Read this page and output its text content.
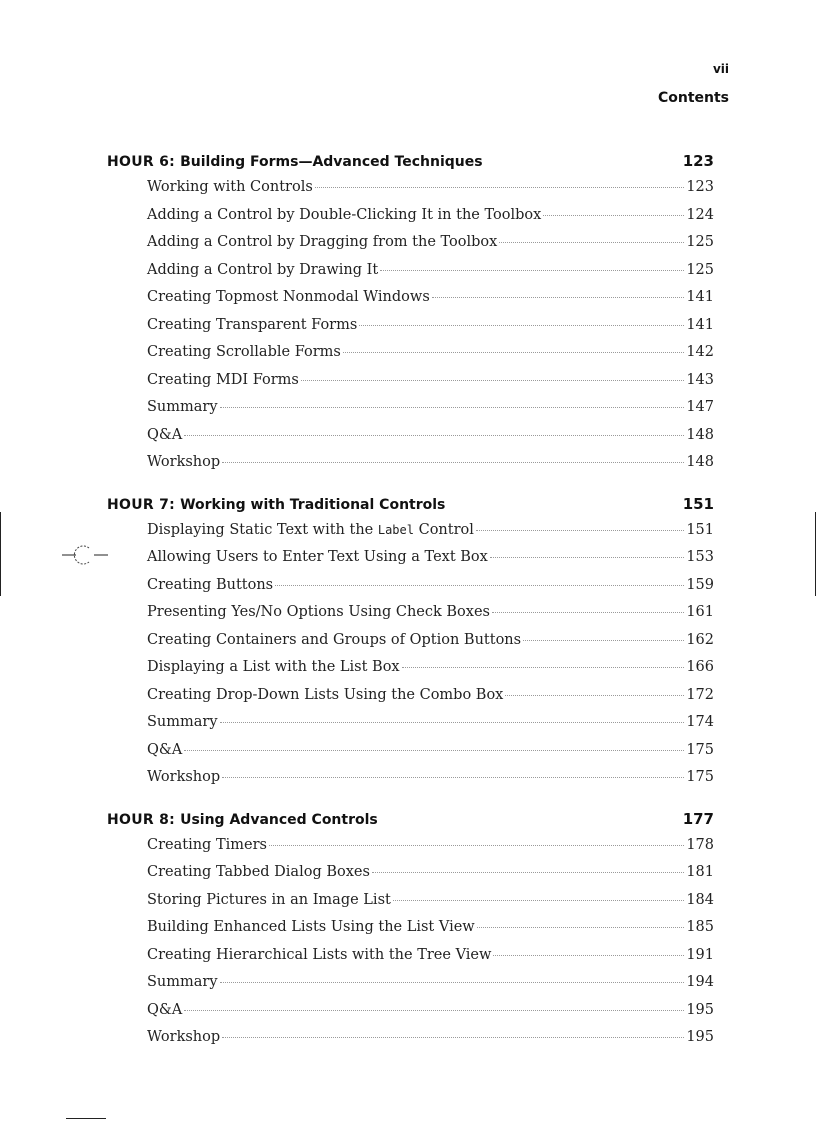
vii
Contents
HOUR 6: Building Forms—Advanced Techniques	123
Working with Controls	123
Adding a Control by Double-Clicking It in the Toolbox	124
Adding a Control by Dragging from the Toolbox	125
Adding a Control by Drawing It	125
Creating Topmost Nonmodal Windows	141
Creating Transparent Forms	141
Creating Scrollable Forms	142
Creating MDI Forms	143
Summary	147
Q&A	148
Workshop	148
HOUR 7: Working with Traditional Controls	151
Displaying Static Text with the Label Control	151
Allowing Users to Enter Text Using a Text Box	153
Creating Buttons	159
Presenting Yes/No Options Using Check Boxes	161
Creating Containers and Groups of Option Buttons	162
Displaying a List with the List Box	166
Creating Drop-Down Lists Using the Combo Box	172
Summary	174
Q&A	175
Workshop	175
HOUR 8: Using Advanced Controls	177
Creating Timers	178
Creating Tabbed Dialog Boxes	181
Storing Pictures in an Image List	184
Building Enhanced Lists Using the List View	185
Creating Hierarchical Lists with the Tree View	191
Summary	194
Q&A	195
Workshop	195
